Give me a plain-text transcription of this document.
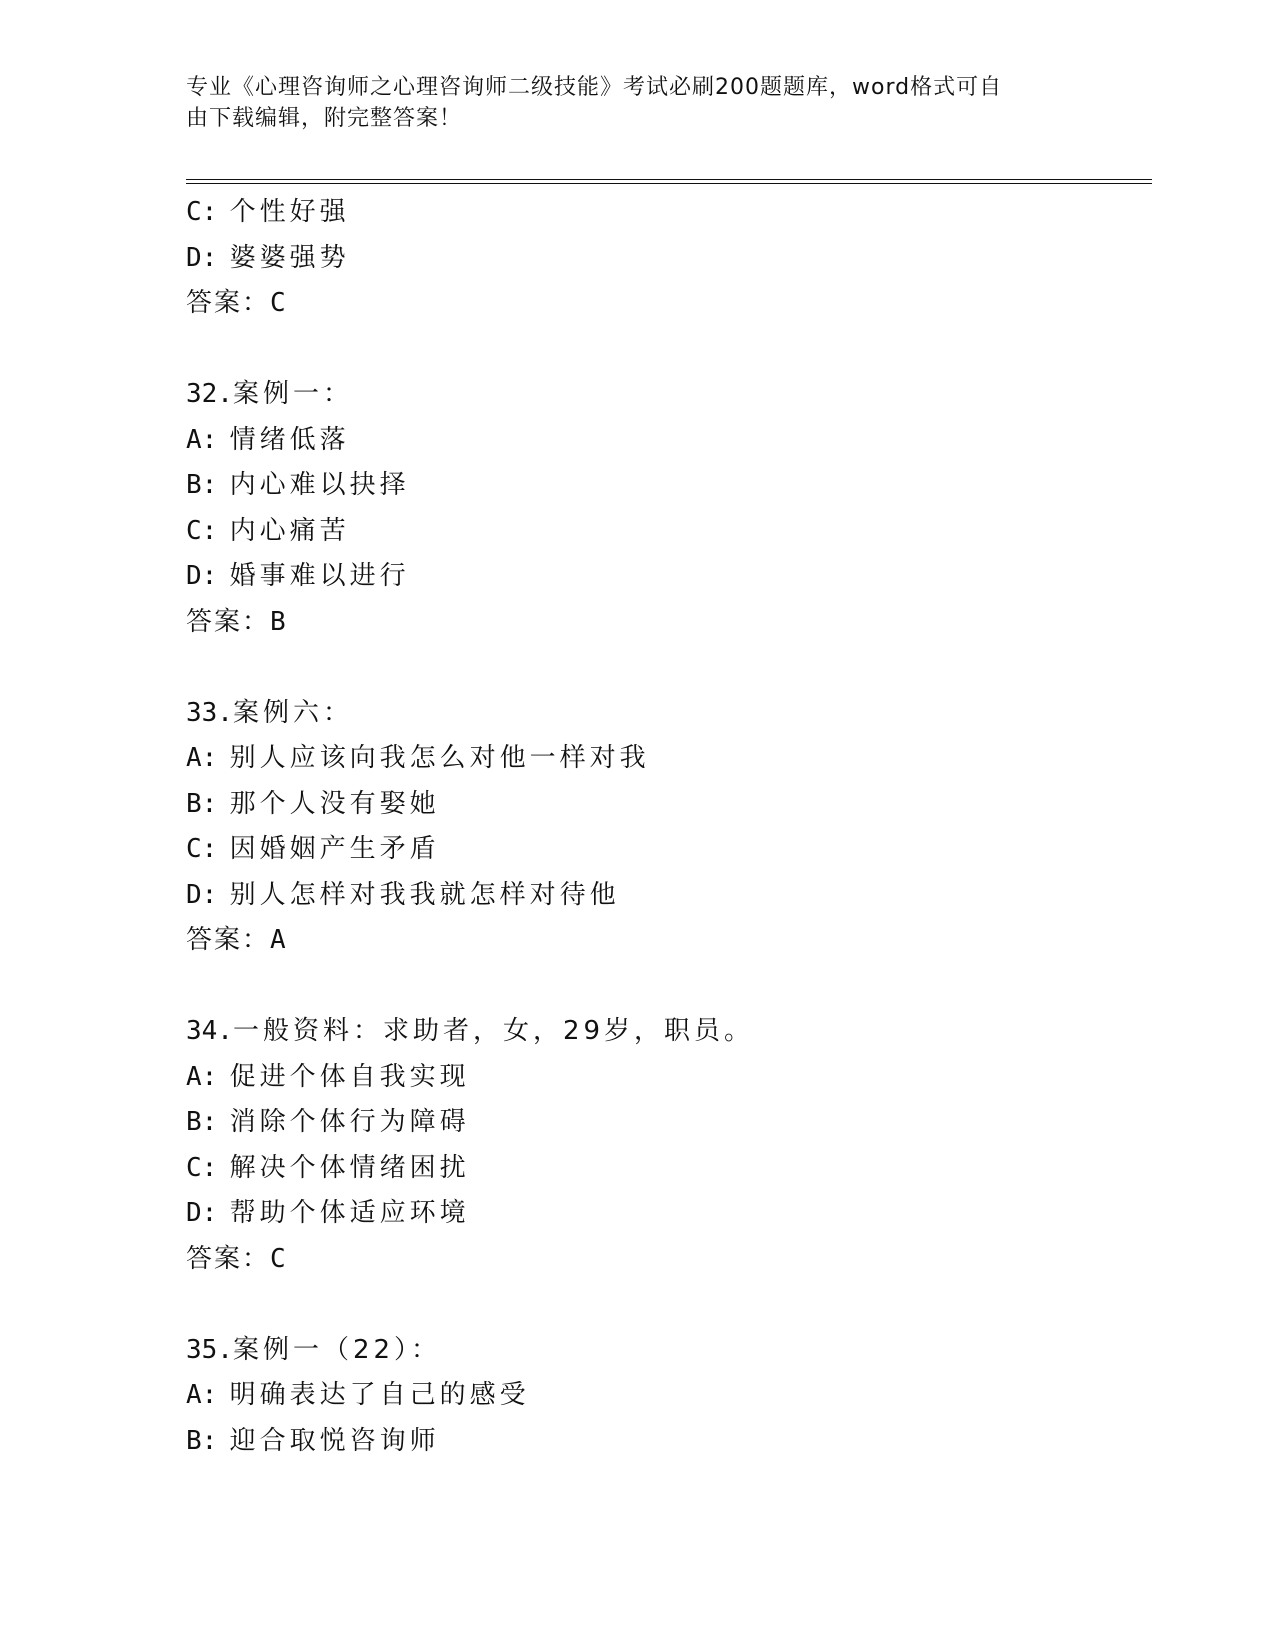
专业《心理咨询师之心理咨询师二级技能》考试必刷200题题库，word格式可自
由下载编辑，附完整答案！
C: 个性好强
D: 婆婆强势
答案：C
32.案例一：
A: 情绪低落
B: 内心难以抉择
C: 内心痛苦
D: 婚事难以进行
答案：B
33.案例六：
A: 别人应该向我怎么对他一样对我
B: 那个人没有娶她
C: 因婚姻产生矛盾
D: 别人怎样对我我就怎样对待他
答案：A
34.一般资料：求助者，女，29岁，职员。
A: 促进个体自我实现
B: 消除个体行为障碍
C: 解决个体情绪困扰
D: 帮助个体适应环境
答案：C
35.案例一（22）：
A: 明确表达了自己的感受
B: 迎合取悦咨询师
